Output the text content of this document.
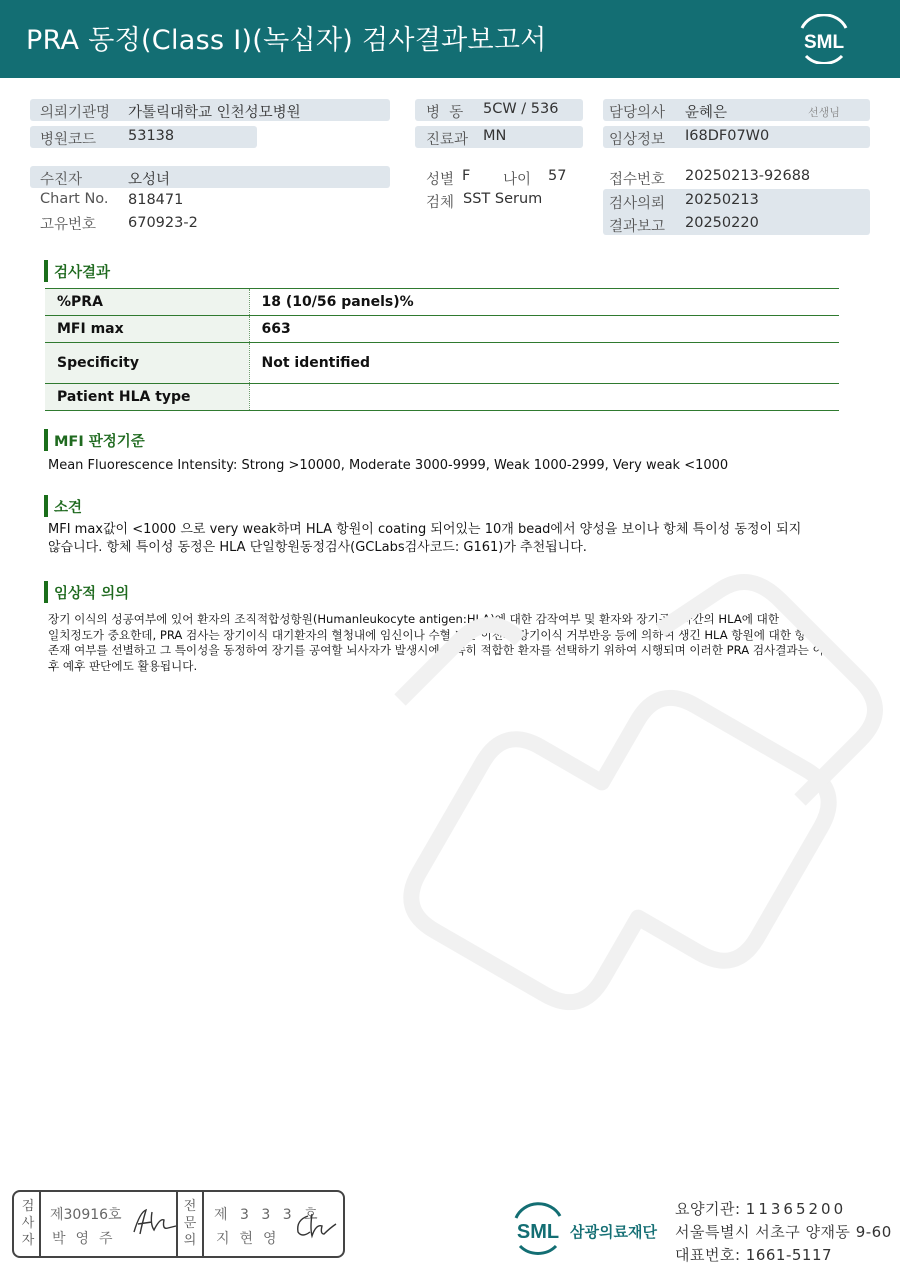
PRA 동정(Class I)(녹십자) 검사결과보고서	SML
의뢰기관명 가톨릭대학교 인천성모병원
병원코드 53138
병  동 5CW / 536
진료과 MN
담당의사 윤혜은	선생님
임상정보 I68DF07W0
수진자	오성녀
Chart No. 818471
고유번호 670923-2
성별 F 나이 57
검체 SST Serum
접수번호 20250213-92688
검사의뢰 20250213
결과보고 20250220
검사결과
%PRA	18 (10/56 panels)%
MFI max	663
Specificity	Not identified
Patient HLA type	
MFI 판정기준
Mean Fluorescence Intensity: Strong >10000, Moderate 3000-9999, Weak 1000-2999, Very weak <1000
소견
MFI max값이 <1000 으로 very weak하며 HLA 항원이 coating 되어있는 10개 bead에서 양성을 보이나 항체 특이성 동정이 되지
않습니다. 항체 특이성 동정은 HLA 단일항원동정검사(GCLabs검사코드: G161)가 추천됩니다.
임상적 의의
장기 이식의 성공여부에 있어 환자의 조직적합성항원(Humanleukocyte antigen:HLA)에 대한 감작여부 및 환자와 장기공여자간의 HLA에 대한
일치정도가 중요한데, PRA 검사는 장기이식 대기환자의 혈청내에 임신이나 수혈 또는 이전의 장기이식 거부반응 등에 의하여 생긴 HLA 항원에 대한 항체
존재 여부를 선별하고 그 특이성을 동정하여 장기를 공여할 뇌사자가 발생시에 신속히 적합한 환자를 선택하기 위하여 시행되며 이러한 PRA 검사결과는 이식
후 예후 판단에도 활용됩니다.
검
사
자
제30916호
박영주
전
문
의
제 3 3 3 호
지현영	SML 삼광의료재단
요양기관: 11365200
서울특별시 서초구 양재동 9-60
대표번호: 1661-5117
